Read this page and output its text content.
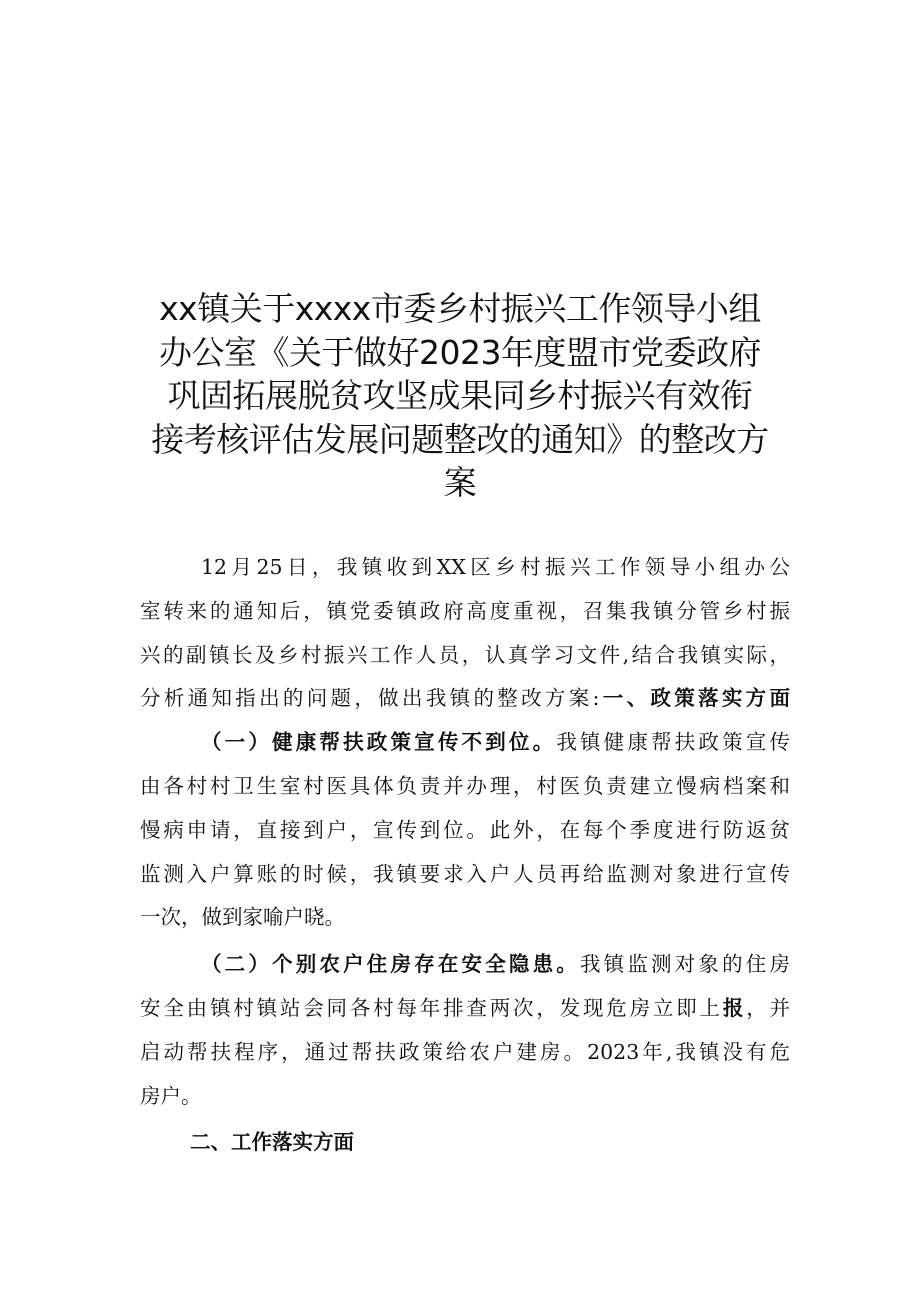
xx镇关于xxxx市委乡村振兴工作领导小组
办公室《关于做好2023年度盟市党委政府
巩固拓展脱贫攻坚成果同乡村振兴有效衔
接考核评估发展问题整改的通知》的整改方
案
12月25日，我镇收到XX区乡村振兴工作领导小组办公
室转来的通知后，镇党委镇政府高度重视，召集我镇分管乡村振
兴的副镇长及乡村振兴工作人员，认真学习文件,结合我镇实际，
分析通知指出的问题，做出我镇的整改方案:一、政策落实方面
（一）健康帮扶政策宣传不到位。我镇健康帮扶政策宣传
由各村村卫生室村医具体负责并办理，村医负责建立慢病档案和
慢病申请，直接到户，宣传到位。此外，在每个季度进行防返贫
监测入户算账的时候，我镇要求入户人员再给监测对象进行宣传
一次，做到家喻户晓。
（二）个别农户住房存在安全隐患。我镇监测对象的住房
安全由镇村镇站会同各村每年排查两次，发现危房立即上报，并
启动帮扶程序，通过帮扶政策给农户建房。2023年,我镇没有危
房户。
二、工作落实方面
